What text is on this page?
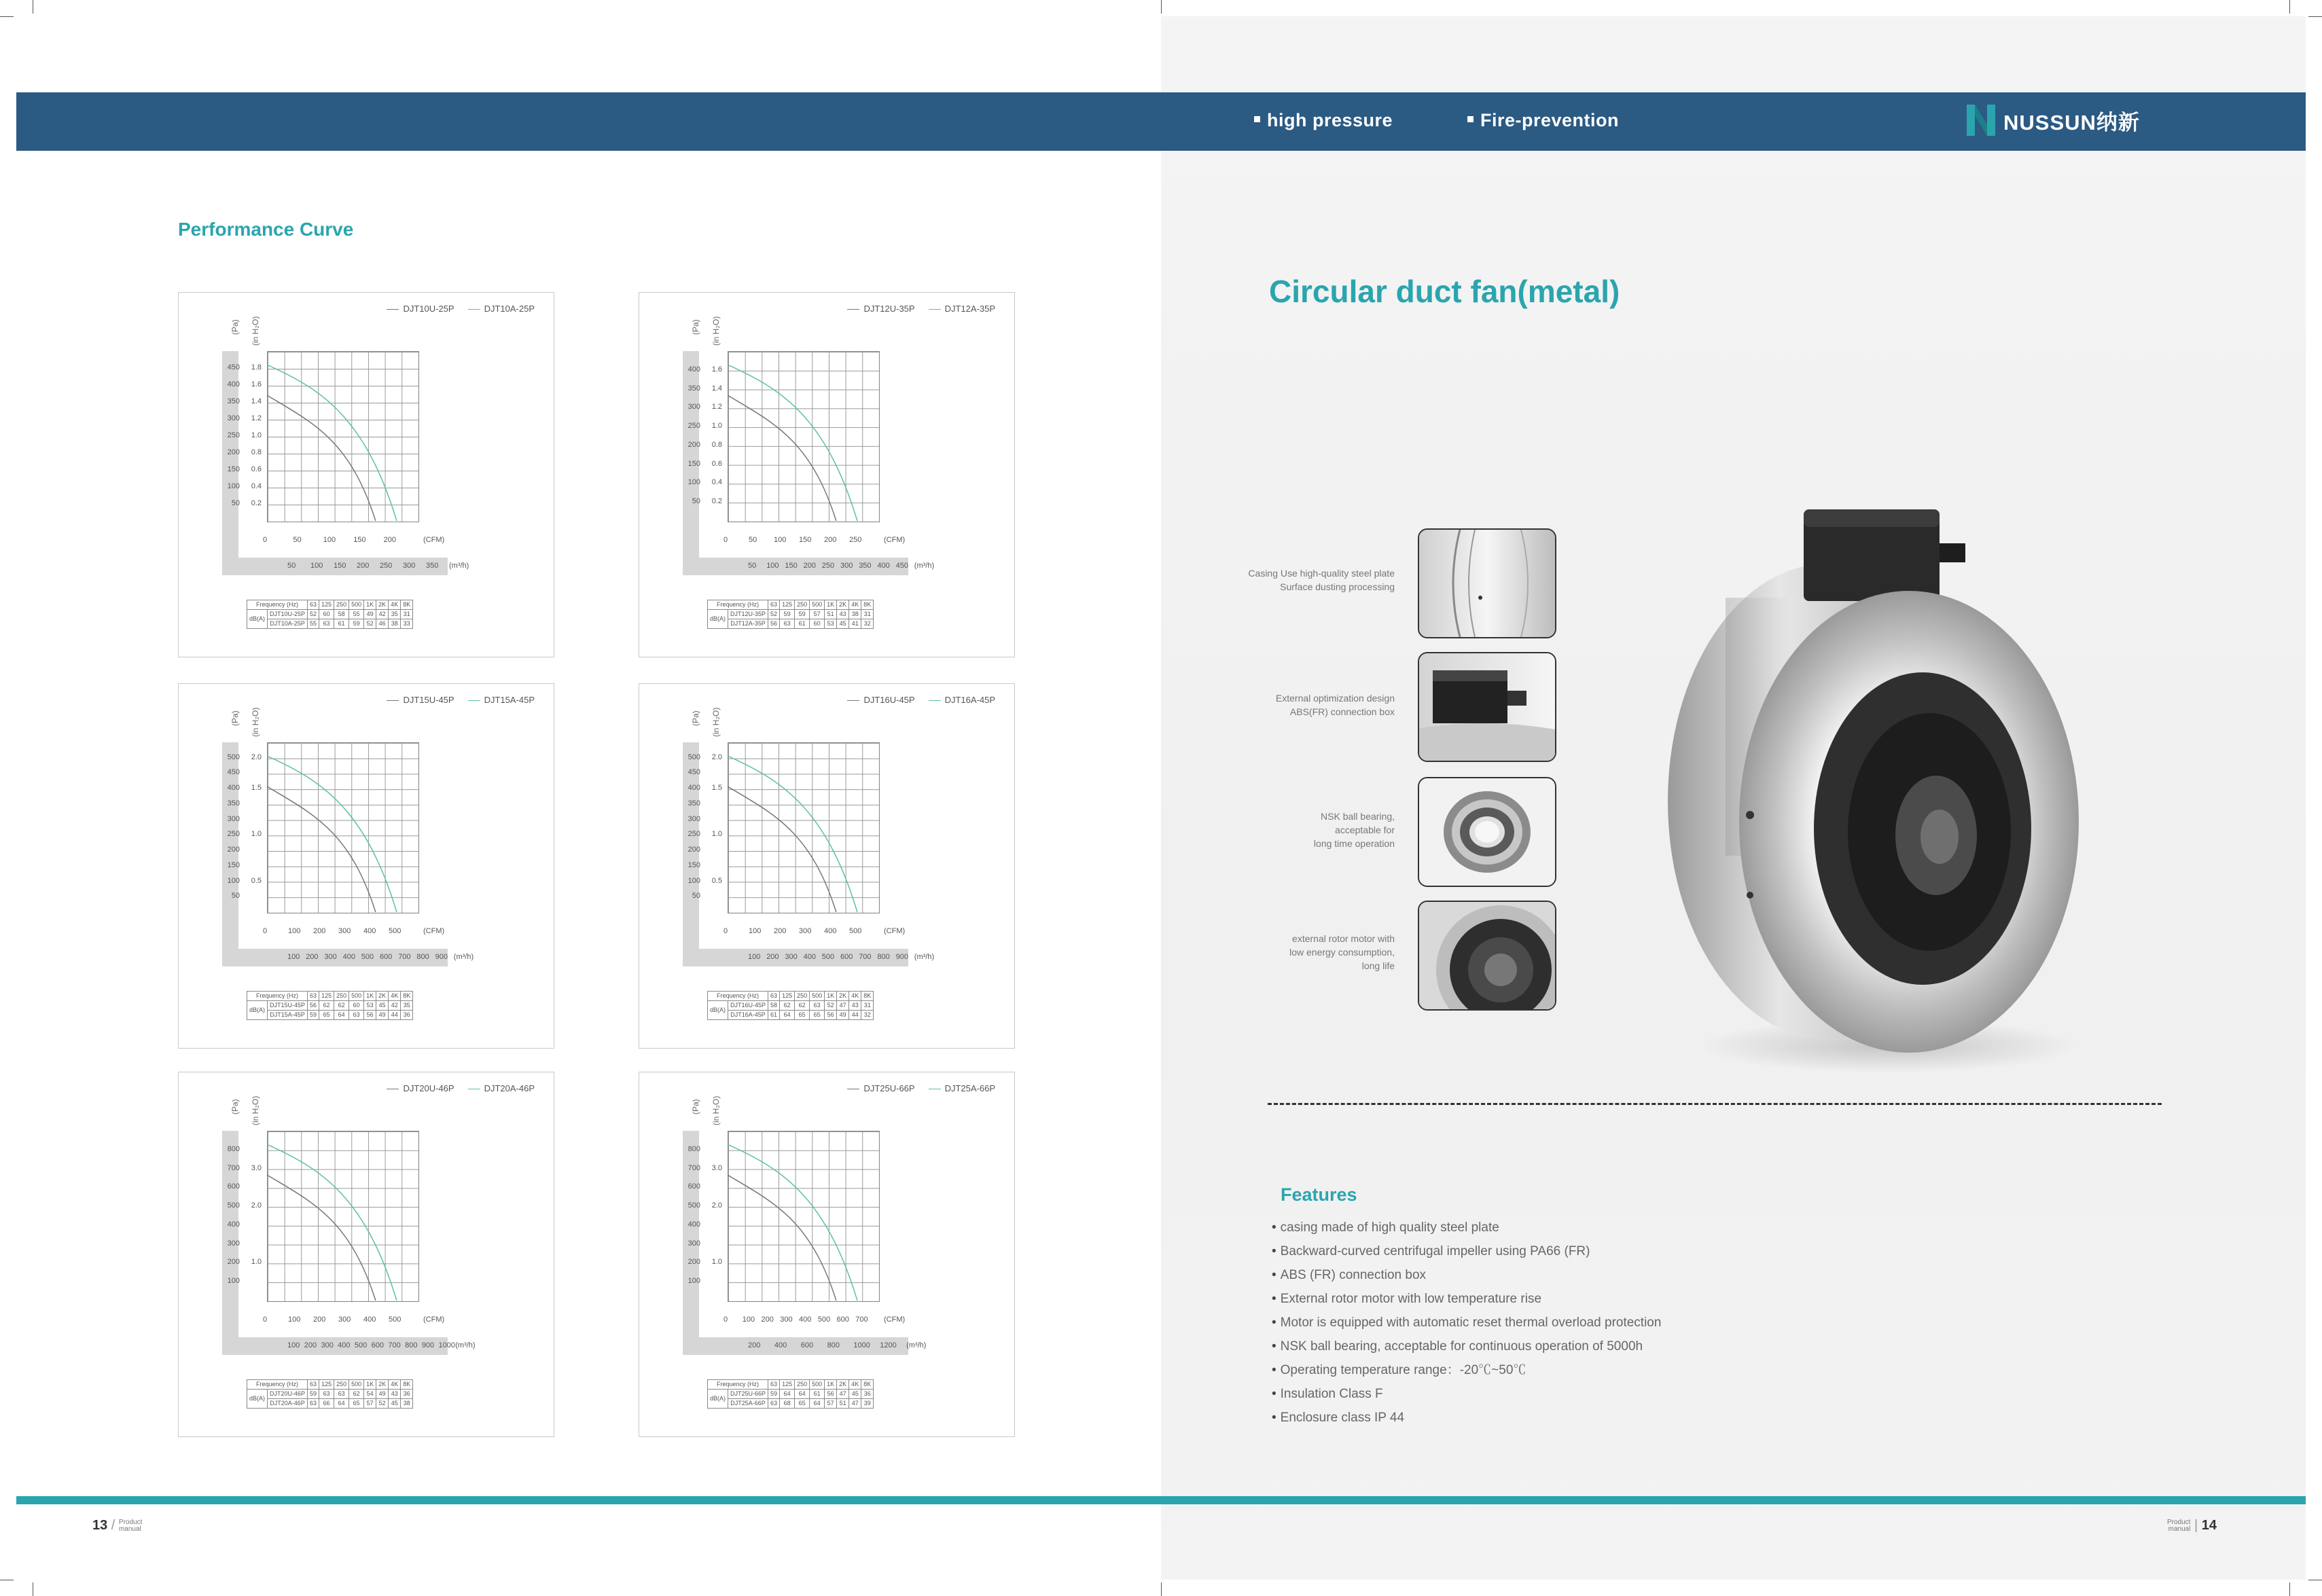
high pressure	Fire-prevention	NUSSUN纳新
Performance Curve
DJT10U-25P	DJT10A-25P
(Pa) (in H₂O)
450	1.8
400	1.6
350	1.4
300	1.2
250	1.0
200	0.8
150	0.6
100	0.4
50	0.2
0	50	100 150 200	(CFM)
50 100 150 200 250 300 350 (m³/h)
Frequency (Hz)		63	125	250	500	1K	2K	4K	8K
dB(A)	DJT10U-25P	52	60	58	55	49	42	35	31
	DJT10A-25P	55	63	61	59	52	46	38	33
DJT12U-35P	DJT12A-35P
(Pa) (in H₂O)
400	1.6
350	1.4
300	1.2
250	1.0
200	0.8
150	0.6
100	0.4
50	0.2
0	50 100 150 200 250	(CFM)
50 100 150 200 250 300 350 400 450 (m³/h)
Frequency (Hz)		63	125	250	500	1K	2K	4K	8K
dB(A)	DJT12U-35P	52	59	59	57	51	43	38	31
	DJT12A-35P	56	63	61	60	53	45	41	32
DJT15U-45P	DJT15A-45P
(Pa) (in H₂O)
500	2.0
450
400	1.5
350
300
250	1.0
200
150
100	0.5
50
0	100 200 300 400 500	(CFM)
100 200 300 400 500 600 700 800 900 (m³/h)
Frequency (Hz)		63	125	250	500	1K	2K	4K	8K
dB(A)	DJT15U-45P	56	62	62	60	53	45	42	35
	DJT15A-45P	59	65	64	63	56	49	44	36
DJT16U-45P	DJT16A-45P
(Pa) (in H₂O)
500	2.0
450
400	1.5
350
300
250	1.0
200
150
100	0.5
50
0	100 200 300 400 500	(CFM)
100 200 300 400 500 600 700 800 900 (m³/h)
Frequency (Hz)		63	125	250	500	1K	2K	4K	8K
dB(A)	DJT16U-45P	58	62	62	63	52	47	43	31
	DJT16A-45P	61	64	65	65	56	49	44	32
DJT20U-46P	DJT20A-46P
(Pa) (in H₂O)
800
700	3.0
600
500	2.0
400
300
200	1.0
100
0	100 200 300 400 500	(CFM)
100 200 300 400 500 600 700 800 900 1000 (m³/h)
Frequency (Hz)		63	125	250	500	1K	2K	4K	8K
dB(A)	DJT20U-46P	59	63	63	62	54	49	43	36
	DJT20A-46P	63	66	64	65	57	52	45	38
DJT25U-66P	DJT25A-66P
(Pa) (in H₂O)
800
700	3.0
600
500	2.0
400
300
200	1.0
100
0 100 200 300 400 500 600 700 (CFM)
200 400 600 800 1000 1200 (m³/h)
Frequency (Hz)		63	125	250	500	1K	2K	4K	8K
dB(A)	DJT25U-66P	59	64	64	61	56	47	45	36
	DJT25A-66P	63	68	65	64	57	51	47	39
Circular duct fan(metal)
Casing Use high-quality steel plate
Surface dusting processing
External optimization design
ABS(FR) connection box
NSK ball bearing,
acceptable for
long time operation
external rotor motor with
low energy consumption,
long life
Features
• casing made of high quality steel plate
• Backward-curved centrifugal impeller using PA66 (FR)
• ABS (FR) connection box
• External rotor motor with low temperature rise
• Motor is equipped with automatic reset thermal overload protection
• NSK ball bearing, acceptable for continuous operation of 5000h
• Operating temperature range：-20℃~50℃
• Insulation Class F
• Enclosure class IP 44
13 / Product
manual
Product
manual | 14
